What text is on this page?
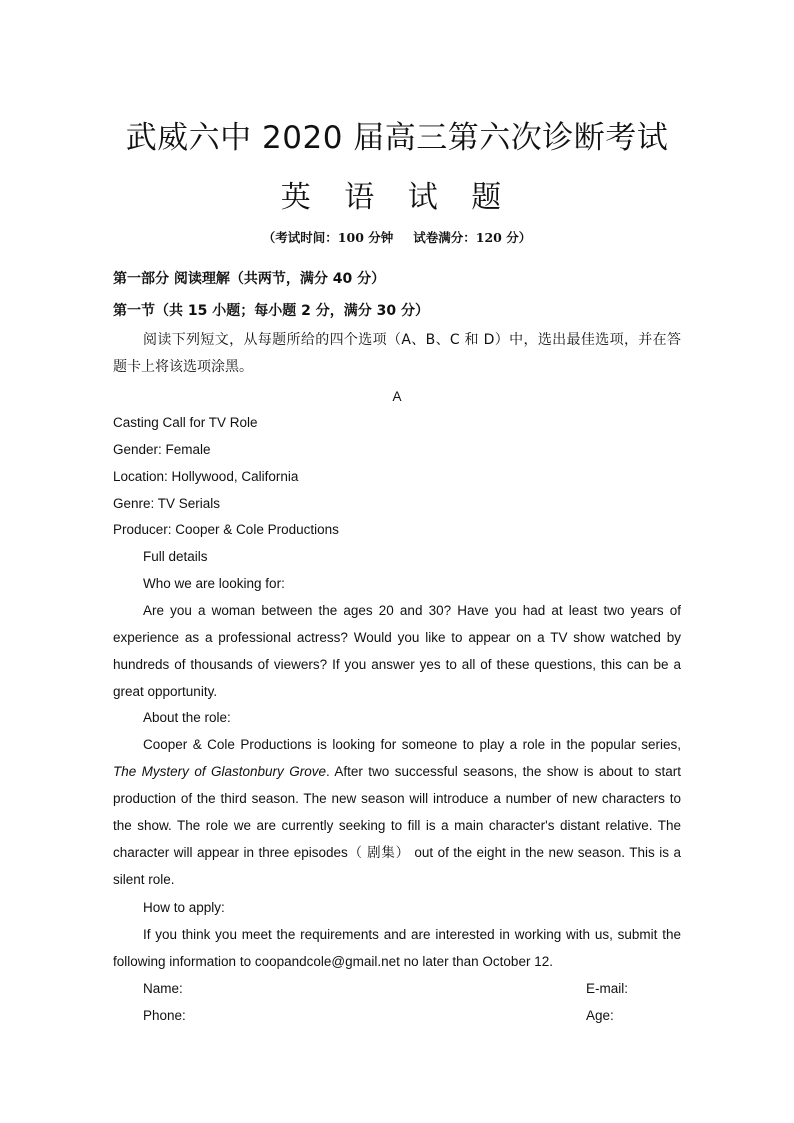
武威六中 2020 届高三第六次诊断考试
英 语 试 题
（考试时间：100 分钟 试卷满分：120 分）
第一部分 阅读理解（共两节，满分 40 分）
第一节（共 15 小题；每小题 2 分，满分 30 分）
阅读下列短文，从每题所给的四个选项（A、B、C 和 D）中，选出最佳选项，并在答题卡上将该选项涂黑。
A
Casting Call for TV Role
Gender: Female
Location: Hollywood, California
Genre: TV Serials
Producer: Cooper & Cole Productions
Full details
Who we are looking for:
Are you a woman between the ages 20 and 30? Have you had at least two years of experience as a professional actress? Would you like to appear on a TV show watched by hundreds of thousands of viewers? If you answer yes to all of these questions, this can be a great opportunity.
About the role:
Cooper & Cole Productions is looking for someone to play a role in the popular series, The Mystery of Glastonbury Grove. After two successful seasons, the show is about to start production of the third season. The new season will introduce a number of new characters to the show. The role we are currently seeking to fill is a main character's distant relative. The character will appear in three episodes（ 剧集） out of the eight in the new season. This is a silent role.
How to apply:
If you think you meet the requirements and are interested in working with us, submit the following information to coopandcole@gmail.net no later than October 12.
Name:	E-mail:
Phone:	Age:
